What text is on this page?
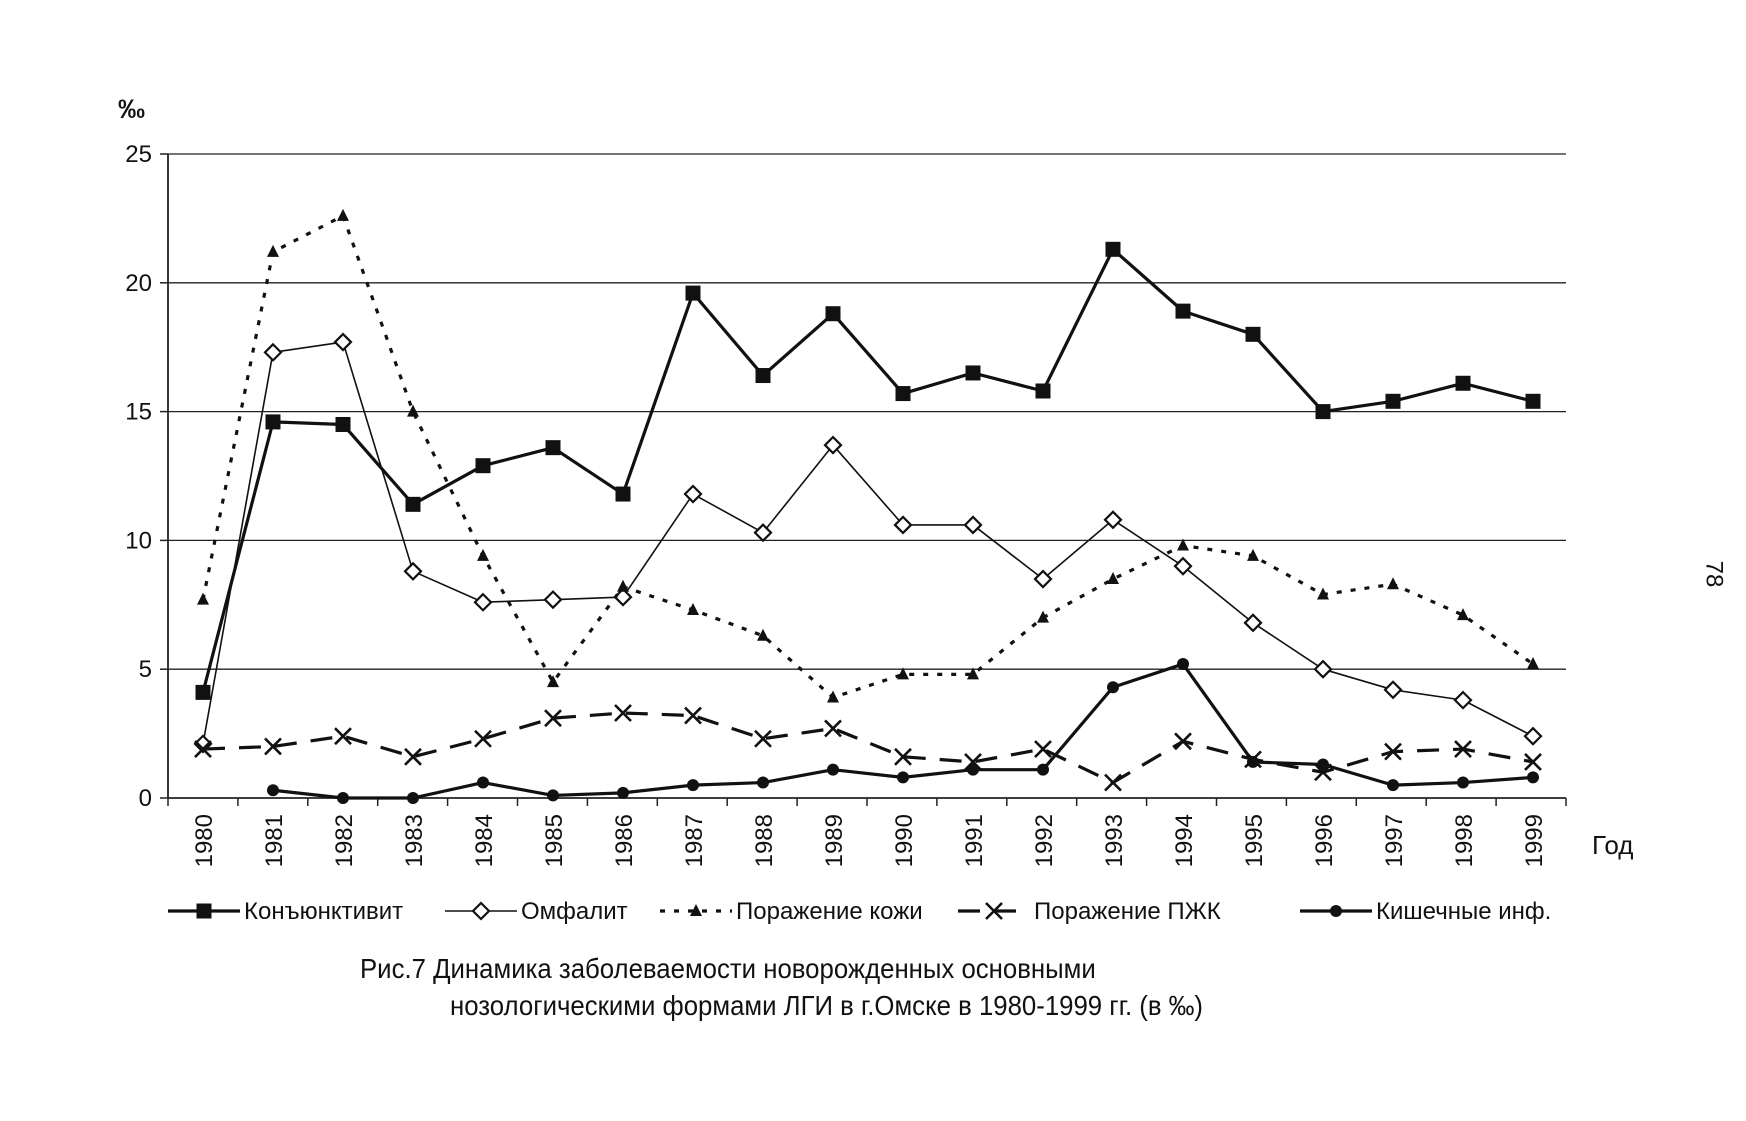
0
5
10
15
20
25
1980 1981 1982 1983 1984 1985 1986 1987 1988 1989 1990 1991 1992 1993 1994 1995 1996 1997 1998 1999
Конъюнктивит	Омфалит	Поражение кожи	Поражение ПЖК	Кишечные инф.
‰
Год
Рис.7 Динамика заболеваемости новорожденных основными
нозологическими формами ЛГИ в г.Омске в 1980-1999 гг. (в ‰)
78
